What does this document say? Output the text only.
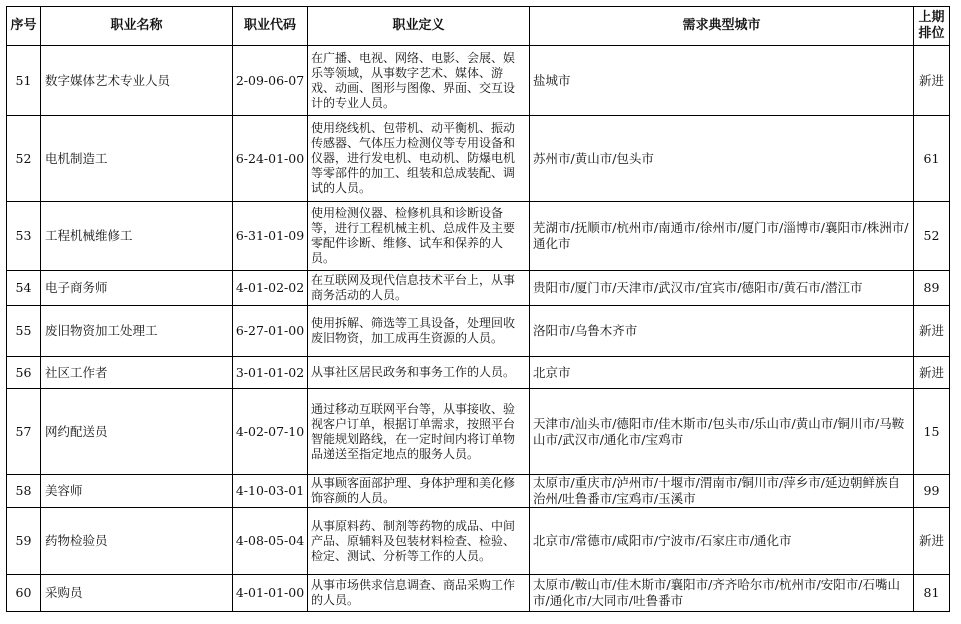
序号	职业名称	职业代码	职业定义	需求典型城市	上期排位
51	数字媒体艺术专业人员	2-09-06-07	在广播、电视、网络、电影、会展、娱乐等领域，从事数字艺术、媒体、游戏、动画、图形与图像、界面、交互设计的专业人员。	盐城市	新进
52	电机制造工	6-24-01-00	使用绕线机、包带机、动平衡机、振动传感器、气体压力检测仪等专用设备和仪器，进行发电机、电动机、防爆电机等零部件的加工、组装和总成装配、调试的人员。	苏州市/黄山市/包头市	61
53	工程机械维修工	6-31-01-09	使用检测仪器、检修机具和诊断设备等，进行工程机械主机、总成件及主要零配件诊断、维修、试车和保养的人员。	芜湖市/抚顺市/杭州市/南通市/徐州市/厦门市/淄博市/襄阳市/株洲市/通化市	52
54	电子商务师	4-01-02-02	在互联网及现代信息技术平台上，从事商务活动的人员。	贵阳市/厦门市/天津市/武汉市/宜宾市/德阳市/黄石市/潜江市	89
55	废旧物资加工处理工	6-27-01-00	使用拆解、筛选等工具设备，处理回收废旧物资，加工成再生资源的人员。	洛阳市/乌鲁木齐市	新进
56	社区工作者	3-01-01-02	从事社区居民政务和事务工作的人员。	北京市	新进
57	网约配送员	4-02-07-10	通过移动互联网平台等，从事接收、验视客户订单，根据订单需求，按照平台智能规划路线，在一定时间内将订单物品递送至指定地点的服务人员。	天津市/汕头市/德阳市/佳木斯市/包头市/乐山市/黄山市/铜川市/马鞍山市/武汉市/通化市/宝鸡市	15
58	美容师	4-10-03-01	从事顾客面部护理、身体护理和美化修饰容颜的人员。	太原市/重庆市/泸州市/十堰市/渭南市/铜川市/萍乡市/延边朝鲜族自治州/吐鲁番市/宝鸡市/玉溪市	99
59	药物检验员	4-08-05-04	从事原料药、制剂等药物的成品、中间产品、原辅料及包装材料检查、检验、检定、测试、分析等工作的人员。	北京市/常德市/咸阳市/宁波市/石家庄市/通化市	新进
60	采购员	4-01-01-00	从事市场供求信息调查、商品采购工作的人员。	太原市/鞍山市/佳木斯市/襄阳市/齐齐哈尔市/杭州市/安阳市/石嘴山市/通化市/大同市/吐鲁番市	81
